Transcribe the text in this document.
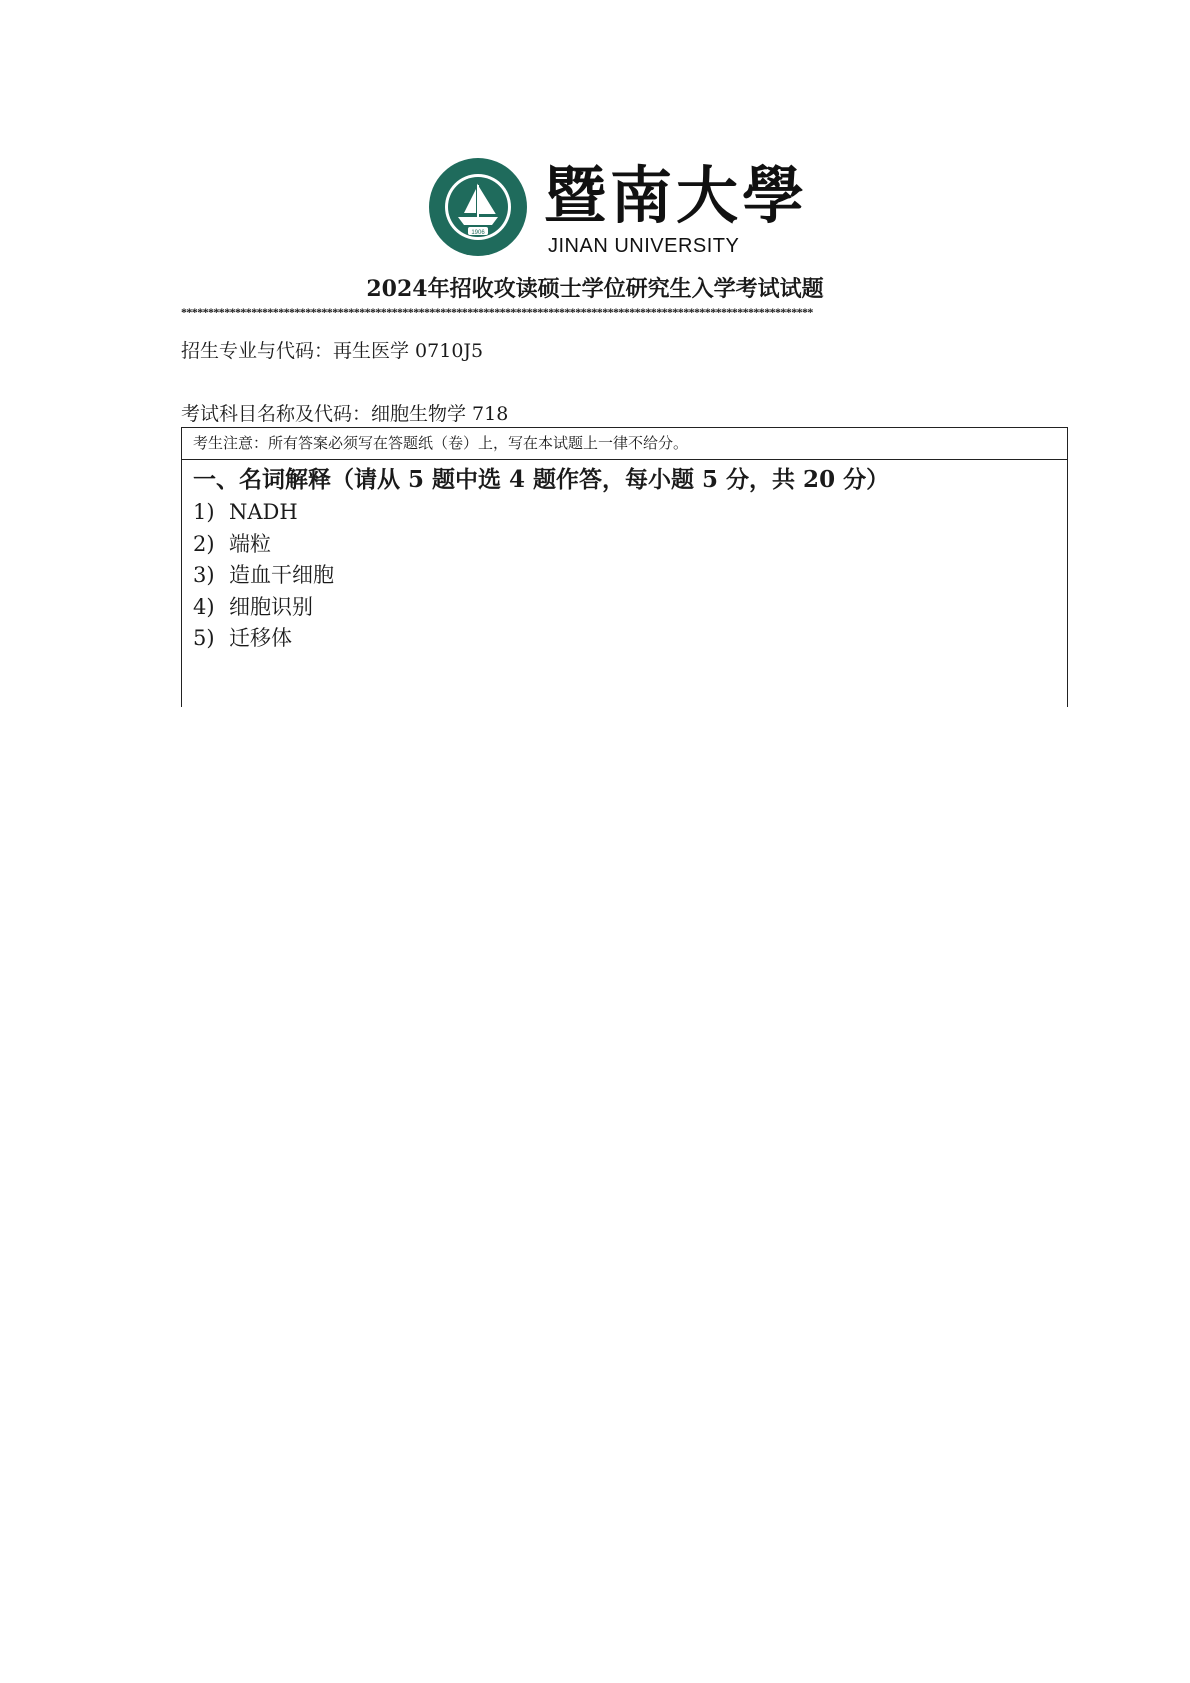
1906
暨南大學
JINAN UNIVERSITY
2024年招收攻读硕士学位研究生入学考试试题
*********************************************************************************************************************
招生专业与代码：再生医学 0710J5
考试科目名称及代码：细胞生物学 718
考生注意：所有答案必须写在答题纸（卷）上，写在本试题上一律不给分。
一、名词解释（请从 5 题中选 4 题作答，每小题 5 分，共 20 分）
1) NADH
2) 端粒
3) 造血干细胞
4) 细胞识别
5) 迁移体
